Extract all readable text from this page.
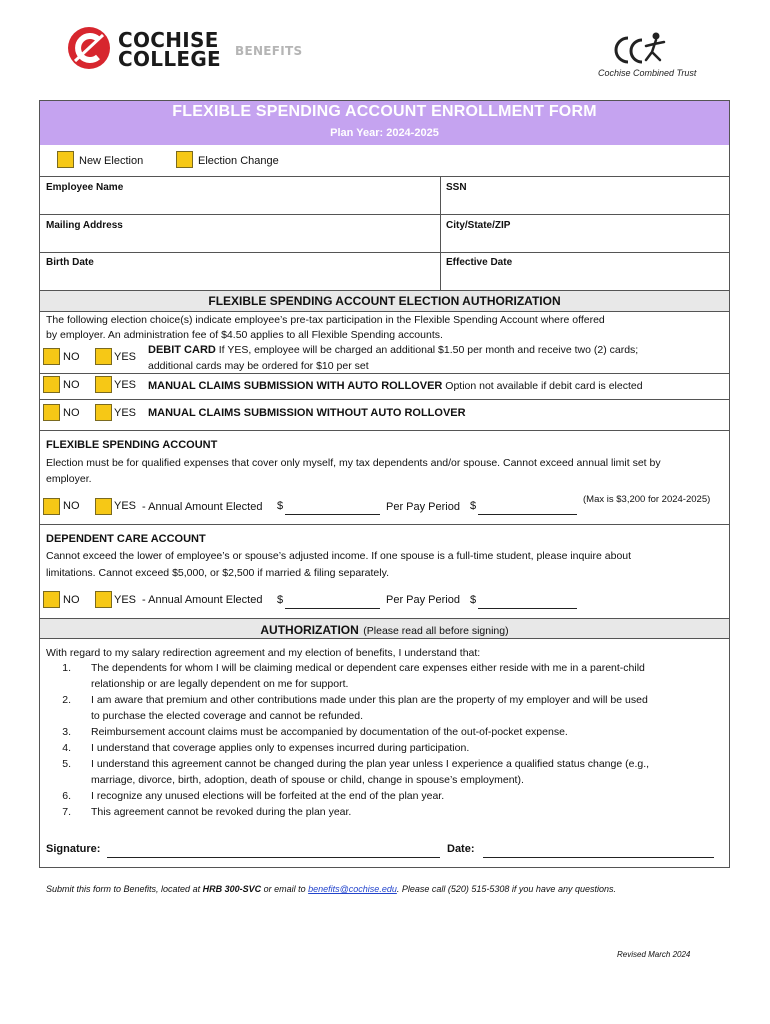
COCHISE
COLLEGE BENEFITS
Cochise Combined Trust
FLEXIBLE SPENDING ACCOUNT ENROLLMENT FORM
Plan Year: 2024-2025
New Election	Election Change
Employee Name	SSN
Mailing Address	City/State/ZIP
Birth Date	Effective Date
FLEXIBLE SPENDING ACCOUNT ELECTION AUTHORIZATION
The following election choice(s) indicate employee’s pre-tax participation in the Flexible Spending Account where offered
by employer. An administration fee of $4.50 applies to all Flexible Spending accounts.
NO	YES
DEBIT CARD If YES, employee will be charged an additional $1.50 per month and receive two (2) cards;
additional cards may be ordered for $10 per set
NO	YES MANUAL CLAIMS SUBMISSION WITH AUTO ROLLOVER Option not available if debit card is elected
NO	YES MANUAL CLAIMS SUBMISSION WITHOUT AUTO ROLLOVER
FLEXIBLE SPENDING ACCOUNT
Election must be for qualified expenses that cover only myself, my tax dependents and/or spouse. Cannot exceed annual limit set by
employer.
NO	YES - Annual Amount Elected $	Per Pay Period $
(Max is $3,200 for 2024-2025)
DEPENDENT CARE ACCOUNT
Cannot exceed the lower of employee’s or spouse’s adjusted income. If one spouse is a full-time student, please inquire about
limitations. Cannot exceed $5,000, or $2,500 if married & filing separately.
NO	YES - Annual Amount Elected $	Per Pay Period $
AUTHORIZATION (Please read all before signing)
With regard to my salary redirection agreement and my election of benefits, I understand that:
1. The dependents for whom I will be claiming medical or dependent care expenses either reside with me in a parent-child
relationship or are legally dependent on me for support.
2. I am aware that premium and other contributions made under this plan are the property of my employer and will be used
to purchase the elected coverage and cannot be refunded.
3. Reimbursement account claims must be accompanied by documentation of the out-of-pocket expense.
4. I understand that coverage applies only to expenses incurred during participation.
5. I understand this agreement cannot be changed during the plan year unless I experience a qualified status change (e.g.,
marriage, divorce, birth, adoption, death of spouse or child, change in spouse’s employment).
6. I recognize any unused elections will be forfeited at the end of the plan year.
7. This agreement cannot be revoked during the plan year.
Signature:	Date:
Submit this form to Benefits, located at HRB 300-SVC or email to benefits@cochise.edu. Please call (520) 515-5308 if you have any questions.
Revised March 2024
